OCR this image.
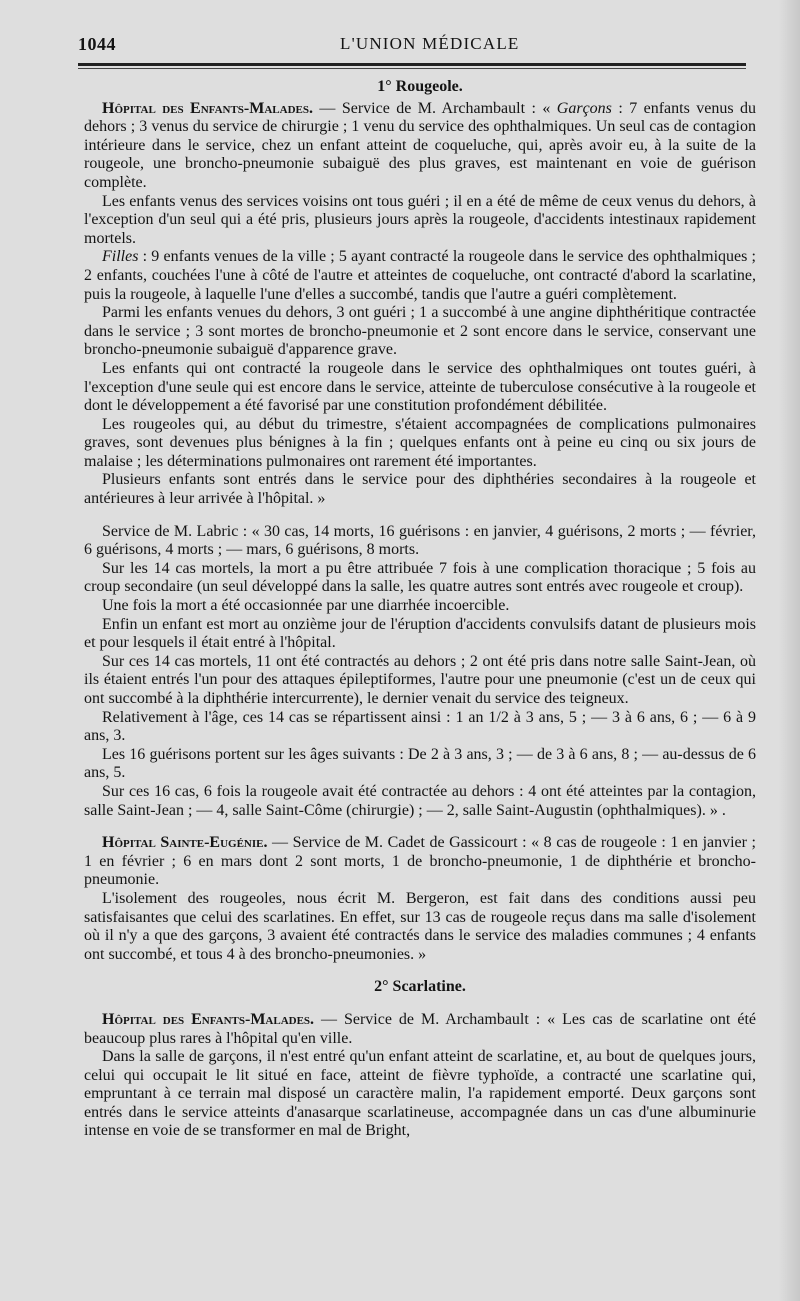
1044	L'UNION MÉDICALE

1° Rougeole.

Hôpital des Enfants-Malades. — Service de M. Archambault : « Garçons : 7 enfants venus du dehors ; 3 venus du service de chirurgie ; 1 venu du service des ophthalmiques. Un seul cas de contagion intérieure dans le service, chez un enfant atteint de coqueluche, qui, après avoir eu, à la suite de la rougeole, une broncho-pneumonie subaiguë des plus graves, est maintenant en voie de guérison complète.

Les enfants venus des services voisins ont tous guéri ; il en a été de même de ceux venus du dehors, à l'exception d'un seul qui a été pris, plusieurs jours après la rougeole, d'accidents intestinaux rapidement mortels.

Filles : 9 enfants venues de la ville ; 5 ayant contracté la rougeole dans le service des ophthalmiques ; 2 enfants, couchées l'une à côté de l'autre et atteintes de coqueluche, ont contracté d'abord la scarlatine, puis la rougeole, à laquelle l'une d'elles a succombé, tandis que l'autre a guéri complètement.

Parmi les enfants venues du dehors, 3 ont guéri ; 1 a succombé à une angine diphthéritique contractée dans le service ; 3 sont mortes de broncho-pneumonie et 2 sont encore dans le service, conservant une broncho-pneumonie subaiguë d'apparence grave.

Les enfants qui ont contracté la rougeole dans le service des ophthalmiques ont toutes guéri, à l'exception d'une seule qui est encore dans le service, atteinte de tuberculose consécutive à la rougeole et dont le développement a été favorisé par une constitution profondément débilitée.

Les rougeoles qui, au début du trimestre, s'étaient accompagnées de complications pulmonaires graves, sont devenues plus bénignes à la fin ; quelques enfants ont à peine eu cinq ou six jours de malaise ; les déterminations pulmonaires ont rarement été importantes.

Plusieurs enfants sont entrés dans le service pour des diphthéries secondaires à la rougeole et antérieures à leur arrivée à l'hôpital. »

Service de M. Labric : « 30 cas, 14 morts, 16 guérisons : en janvier, 4 guérisons, 2 morts ; — février, 6 guérisons, 4 morts ; — mars, 6 guérisons, 8 morts.

Sur les 14 cas mortels, la mort a pu être attribuée 7 fois à une complication thoracique ; 5 fois au croup secondaire (un seul développé dans la salle, les quatre autres sont entrés avec rougeole et croup).

Une fois la mort a été occasionnée par une diarrhée incoercible.

Enfin un enfant est mort au onzième jour de l'éruption d'accidents convulsifs datant de plusieurs mois et pour lesquels il était entré à l'hôpital.

Sur ces 14 cas mortels, 11 ont été contractés au dehors ; 2 ont été pris dans notre salle Saint-Jean, où ils étaient entrés l'un pour des attaques épileptiformes, l'autre pour une pneumonie (c'est un de ceux qui ont succombé à la diphthérie intercurrente), le dernier venait du service des teigneux.

Relativement à l'âge, ces 14 cas se répartissent ainsi : 1 an 1/2 à 3 ans, 5 ; — 3 à 6 ans, 6 ; — 6 à 9 ans, 3.

Les 16 guérisons portent sur les âges suivants : De 2 à 3 ans, 3 ; — de 3 à 6 ans, 8 ; — au-dessus de 6 ans, 5.

Sur ces 16 cas, 6 fois la rougeole avait été contractée au dehors : 4 ont été atteintes par la contagion, salle Saint-Jean ; — 4, salle Saint-Côme (chirurgie) ; — 2, salle Saint-Augustin (ophthalmiques). » .

Hôpital Sainte-Eugénie. — Service de M. Cadet de Gassicourt : « 8 cas de rougeole : 1 en janvier ; 1 en février ; 6 en mars dont 2 sont morts, 1 de broncho-pneumonie, 1 de diphthérie et broncho-pneumonie.

L'isolement des rougeoles, nous écrit M. Bergeron, est fait dans des conditions aussi peu satisfaisantes que celui des scarlatines. En effet, sur 13 cas de rougeole reçus dans ma salle d'isolement où il n'y a que des garçons, 3 avaient été contractés dans le service des maladies communes ; 4 enfants ont succombé, et tous 4 à des broncho-pneumonies. »

2° Scarlatine.

Hôpital des Enfants-Malades. — Service de M. Archambault : « Les cas de scarlatine ont été beaucoup plus rares à l'hôpital qu'en ville.

Dans la salle de garçons, il n'est entré qu'un enfant atteint de scarlatine, et, au bout de quelques jours, celui qui occupait le lit situé en face, atteint de fièvre typhoïde, a contracté une scarlatine qui, empruntant à ce terrain mal disposé un caractère malin, l'a rapidement emporté. Deux garçons sont entrés dans le service atteints d'anasarque scarlatineuse, accompagnée dans un cas d'une albuminurie intense en voie de se transformer en mal de Bright,
